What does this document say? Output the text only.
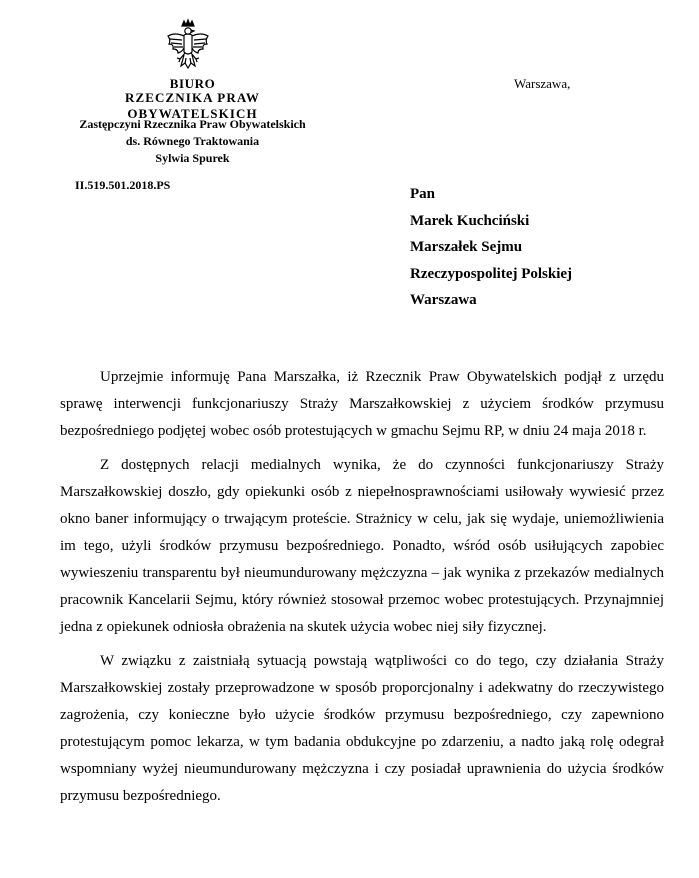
BIURO
RZECZNIKA PRAW OBYWATELSKICH
Zastępczyni Rzecznika Praw Obywatelskich
ds. Równego Traktowania
Sylwia Spurek
Warszawa,
II.519.501.2018.PS
Pan
Marek Kuchciński
Marszałek Sejmu
Rzeczypospolitej Polskiej
Warszawa

Uprzejmie informuję Pana Marszałka, iż Rzecznik Praw Obywatelskich podjął z urzędu sprawę interwencji funkcjonariuszy Straży Marszałkowskiej z użyciem środków przymusu bezpośredniego podjętej wobec osób protestujących w gmachu Sejmu RP, w dniu 24 maja 2018 r.

Z dostępnych relacji medialnych wynika, że do czynności funkcjonariuszy Straży Marszałkowskiej doszło, gdy opiekunki osób z niepełnosprawnościami usiłowały wywiesić przez okno baner informujący o trwającym proteście. Strażnicy w celu, jak się wydaje, uniemożliwienia im tego, użyli środków przymusu bezpośredniego. Ponadto, wśród osób usiłujących zapobiec wywieszeniu transparentu był nieumundurowany mężczyzna – jak wynika z przekazów medialnych pracownik Kancelarii Sejmu, który również stosował przemoc wobec protestujących. Przynajmniej jedna z opiekunek odniosła obrażenia na skutek użycia wobec niej siły fizycznej.

W związku z zaistniałą sytuacją powstają wątpliwości co do tego, czy działania Straży Marszałkowskiej zostały przeprowadzone w sposób proporcjonalny i adekwatny do rzeczywistego zagrożenia, czy konieczne było użycie środków przymusu bezpośredniego, czy zapewniono protestującym pomoc lekarza, w tym badania obdukcyjne po zdarzeniu, a nadto jaką rolę odegrał wspomniany wyżej nieumundurowany mężczyzna i czy posiadał uprawnienia do użycia środków przymusu bezpośredniego.
